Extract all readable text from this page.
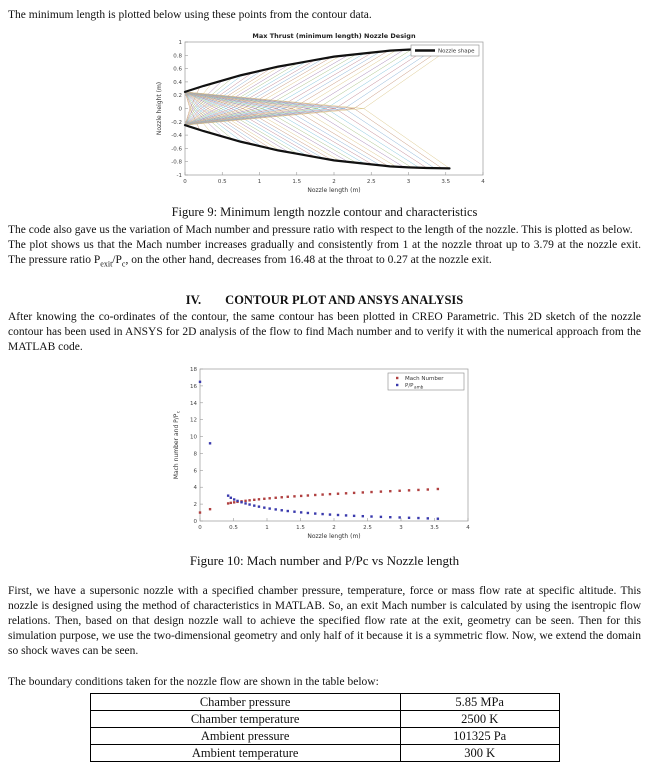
The minimum length is plotted below using these points from the contour data.

0	0.5	1	1.5	2	2.5	3	3.5	4
1
0.8
0.6
0.4
0.2
0
-0.2
-0.4
-0.6
-0.8
-1
Max Thrust (minimum length) Nozzle Design
Nozzle length (m)
Nozzle height (m)
Nozzle shape
Figure 9: Minimum length nozzle contour and characteristics

The code also gave us the variation of Mach number and pressure ratio with respect to the length of the nozzle. This is plotted as below.

The plot shows us that the Mach number increases gradually and consistently from 1 at the nozzle throat up to 3.79 at the nozzle exit. The pressure ratio $P_{exit}/P_c$, on the other hand, decreases from 16.48 at the throat to 0.27 at the nozzle exit.

IV. CONTOUR PLOT AND ANSYS ANALYSIS

After knowing the co-ordinates of the contour, the same contour has been plotted in CREO Parametric. This 2D sketch of the nozzle contour has been used in ANSYS for 2D analysis of the flow to find Mach number and to verify it with the numerical approach from the MATLAB code.

0	0.5	1	1.5	2	2.5	3	3.5	4
0
2
4
6
8
10
12
14
16
18
Nozzle length (m)
Mach number and $P/P_c$
Mach Number
$P/P_{amb}$
Figure 10: Mach number and P/Pc vs Nozzle length

First, we have a supersonic nozzle with a specified chamber pressure, temperature, force or mass flow rate at specific altitude. This nozzle is designed using the method of characteristics in MATLAB. So, an exit Mach number is calculated by using the isentropic flow relations. Then, based on that design nozzle wall to achieve the specified flow rate at the exit, geometry can be seen. Then for this simulation purpose, we use the two-dimensional geometry and only half of it because it is a symmetric flow. Now, we extend the domain so shock waves can be seen.

The boundary conditions taken for the nozzle flow are shown in the table below:

Chamber pressure	5.85 MPa
Chamber temperature	2500 K
Ambient pressure	101325 Pa
Ambient temperature	300 K
